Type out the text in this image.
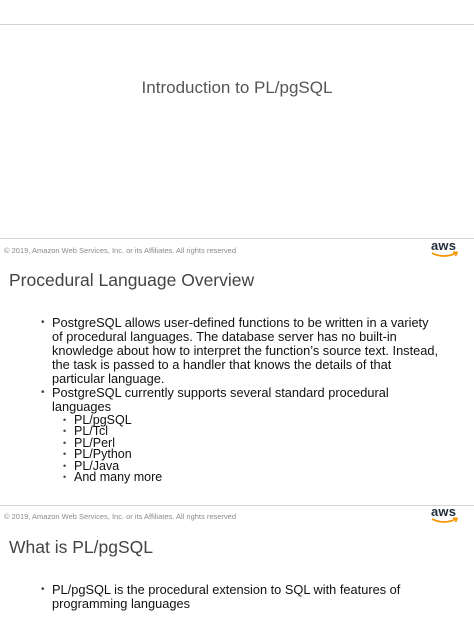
Introduction to PL/pgSQL
© 2019, Amazon Web Services, Inc. or its Affiliates. All rights reserved	aws
Procedural Language Overview
• PostgreSQL allows user-defined functions to be written in a variety of procedural languages. The database server has no built-in knowledge about how to interpret the function’s source text. Instead, the task is passed to a handler that knows the details of that particular language.
• PostgreSQL currently supports several standard procedural languages
• PL/pgSQL
• PL/Tcl
• PL/Perl
• PL/Python
• PL/Java
• And many more
© 2019, Amazon Web Services, Inc. or its Affiliates. All rights reserved	aws
What is PL/pgSQL
• PL/pgSQL is the procedural extension to SQL with features of programming languages
